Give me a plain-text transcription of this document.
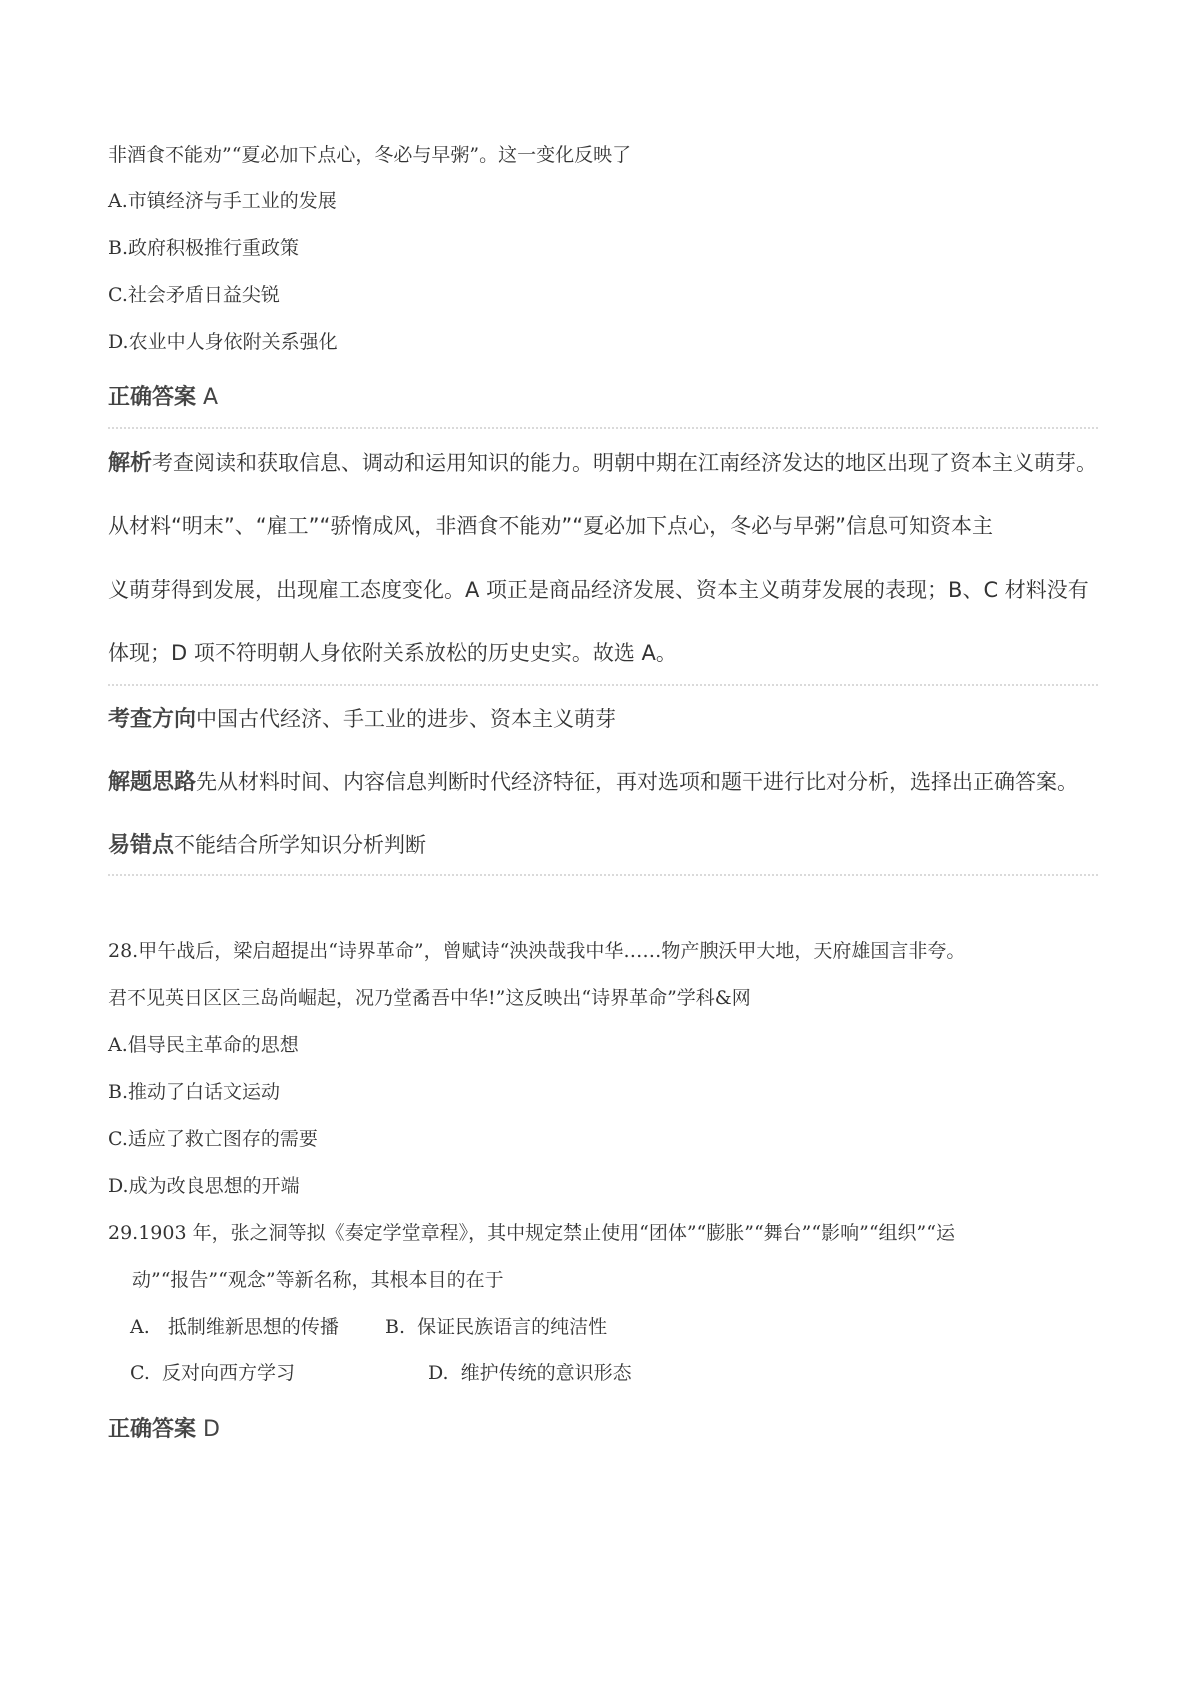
非酒食不能劝”“夏必加下点心，冬必与早粥”。这一变化反映了
A.市镇经济与手工业的发展
B.政府积极推行重政策
C.社会矛盾日益尖锐
D.农业中人身依附关系强化
正确答案 A
解析考查阅读和获取信息、调动和运用知识的能力。明朝中期在江南经济发达的地区出现了资本主义萌芽。
从材料“明末”、“雇工”“骄惰成风，非酒食不能劝”“夏必加下点心，冬必与早粥”信息可知资本主
义萌芽得到发展，出现雇工态度变化。A 项正是商品经济发展、资本主义萌芽发展的表现；B、C 材料没有
体现；D 项不符明朝人身依附关系放松的历史史实。故选 A。
考查方向中国古代经济、手工业的进步、资本主义萌芽
解题思路先从材料时间、内容信息判断时代经济特征，再对选项和题干进行比对分析，选择出正确答案。
易错点不能结合所学知识分析判断
28.甲午战后，梁启超提出“诗界革命”，曾赋诗“泱泱哉我中华……物产腴沃甲大地，天府雄国言非夸。
君不见英日区区三岛尚崛起，况乃堂矞吾中华!”这反映出“诗界革命”学科&网
A.倡导民主革命的思想
B.推动了白话文运动
C.适应了救亡图存的需要
D.成为改良思想的开端
29.1903 年，张之洞等拟《奏定学堂章程》，其中规定禁止使用“团体”“膨胀”“舞台”“影响”“组织”“运
动”“报告”“观念”等新名称，其根本目的在于
A.   抵制维新思想的传播 B.  保证民族语言的纯洁性
C.  反对向西方学习	D.  维护传统的意识形态
正确答案 D
